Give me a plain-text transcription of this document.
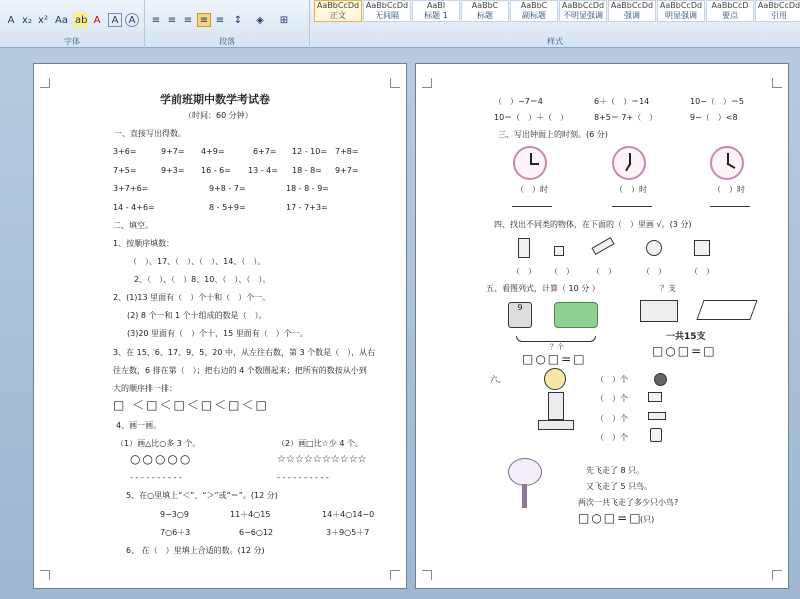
A x₂ x² Aa ab A	A	A
字体
≡ ≡ ≡ ≡ ≡ ↕	◈	⊞
段落
AaBbCcDd
正文
AaBbCcDd
无间隔
AaBl
标题 1
AaBbC
标题
AaBbC
副标题
AaBbCcDd
不明显强调
AaBbCcDd
强调
AaBbCcDd
明显强调
AaBbCcD
要点
AaBbCcDd
引用
样式
学前班期中数学考试卷
（时间：60 分钟）
一、直接写出得数。
3+6=	9+7= 4+9=	6+7= 12 - 10= 7+8=
7+5=	9+3= 16 - 6= 13 - 4= 18 - 8= 9+7=
3+7+6=	9+8 - 7=	18 - 8 - 9=
14 - 4+6=	8 - 5+9=	17 - 7+3=
二、填空。
1、按顺序填数：
（　）、17、（　）、（　）、14、（　）。
2、（　）、（　）8、10、（　）、（　）。
2、(1)13 里面有（　）个十和（　）个一。
(2) 8 个一和 1 个十组成的数是（　）。
(3)20 里面有（　）个十，15 里面有（　）个一。
3、在 15、6、17、9、5、20 中，从左往右数，第 3 个数是（　），从右
往左数，6 排在第（　）；把右边的 4 个数圈起来；把所有的数按从小到
大的顺序排一排：
□ ＜□＜□＜□＜□＜□
4、画一画。
（1）画△比○多 3 个。	（2）画□比☆少 4 个。
○○○○○	☆☆☆☆☆☆☆☆☆☆
- - - - - - - - - -	- - - - - - - - - -
5、在○里填上“＜”、“＞”或“＝”。(12 分)
9−3○9	11＋4○15	14＋4○14−0
7○6＋3	6−6○12	3＋9○5＋7
6、 在（　）里填上合适的数。(12 分)
（　）−7＝4	6＋（　）＝14	10−（　）＝5
10＝（　）＋（　）	8+5＝ 7+（　）	9−（　）<8
三、写出钟面上的时刻。(6 分)
（　）时	（　）时	（　）时
四、找出不同类的物体，在下面的（　）里画 √。(3 分)
（　） （　） （　）	（　）	（　）
五、看图列式，计算（ 10 分 ）
9
？个
□○□=□
？支
一共15支
□○□=□
六、	（　）个
（　）个
（　）个
（　）个
先飞走了 8 只。
又飞走了 5 只鸟。
两次一共飞走了多少只小鸟?
□○□=□
(只)
